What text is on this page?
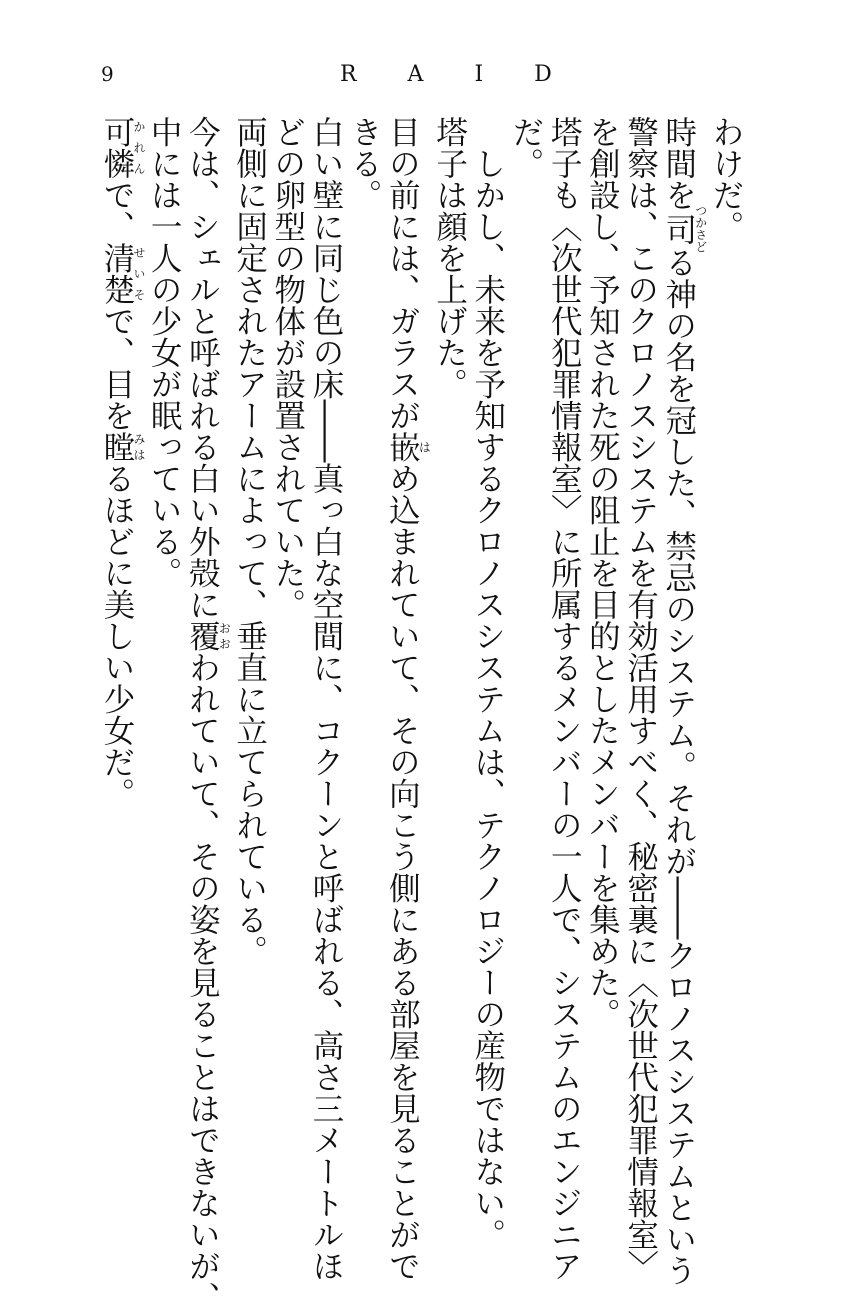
9	R A I D

わけだ。

時間を司つかさどる神の名を冠した、禁忌のシステム。それが――クロノスシステムという

警察は、このクロノスシステムを有効活用すべく、秘密裏に〈次世代犯罪情報室〉

を創設し、予知された死の阻止を目的としたメンバーを集めた。

塔子も〈次世代犯罪情報室〉に所属するメンバーの一人で、システムのエンジニア

だ。

　しかし、未来を予知するクロノスシステムは、テクノロジーの産物ではない。

塔子は顔を上げた。

目の前には、ガラスが嵌はめ込まれていて、その向こう側にある部屋を見ることがで

きる。

白い壁に同じ色の床――真っ白な空間に、コクーンと呼ばれる、高さ三メートルほ

どの卵型の物体が設置されていた。

両側に固定されたアームによって、垂直に立てられている。

今は、シェルと呼ばれる白い外殻に覆おおわれていて、その姿を見ることはできないが、

中には一人の少女が眠っている。

可憐かれんで、清楚せいそで、目を瞠みはるほどに美しい少女だ。
